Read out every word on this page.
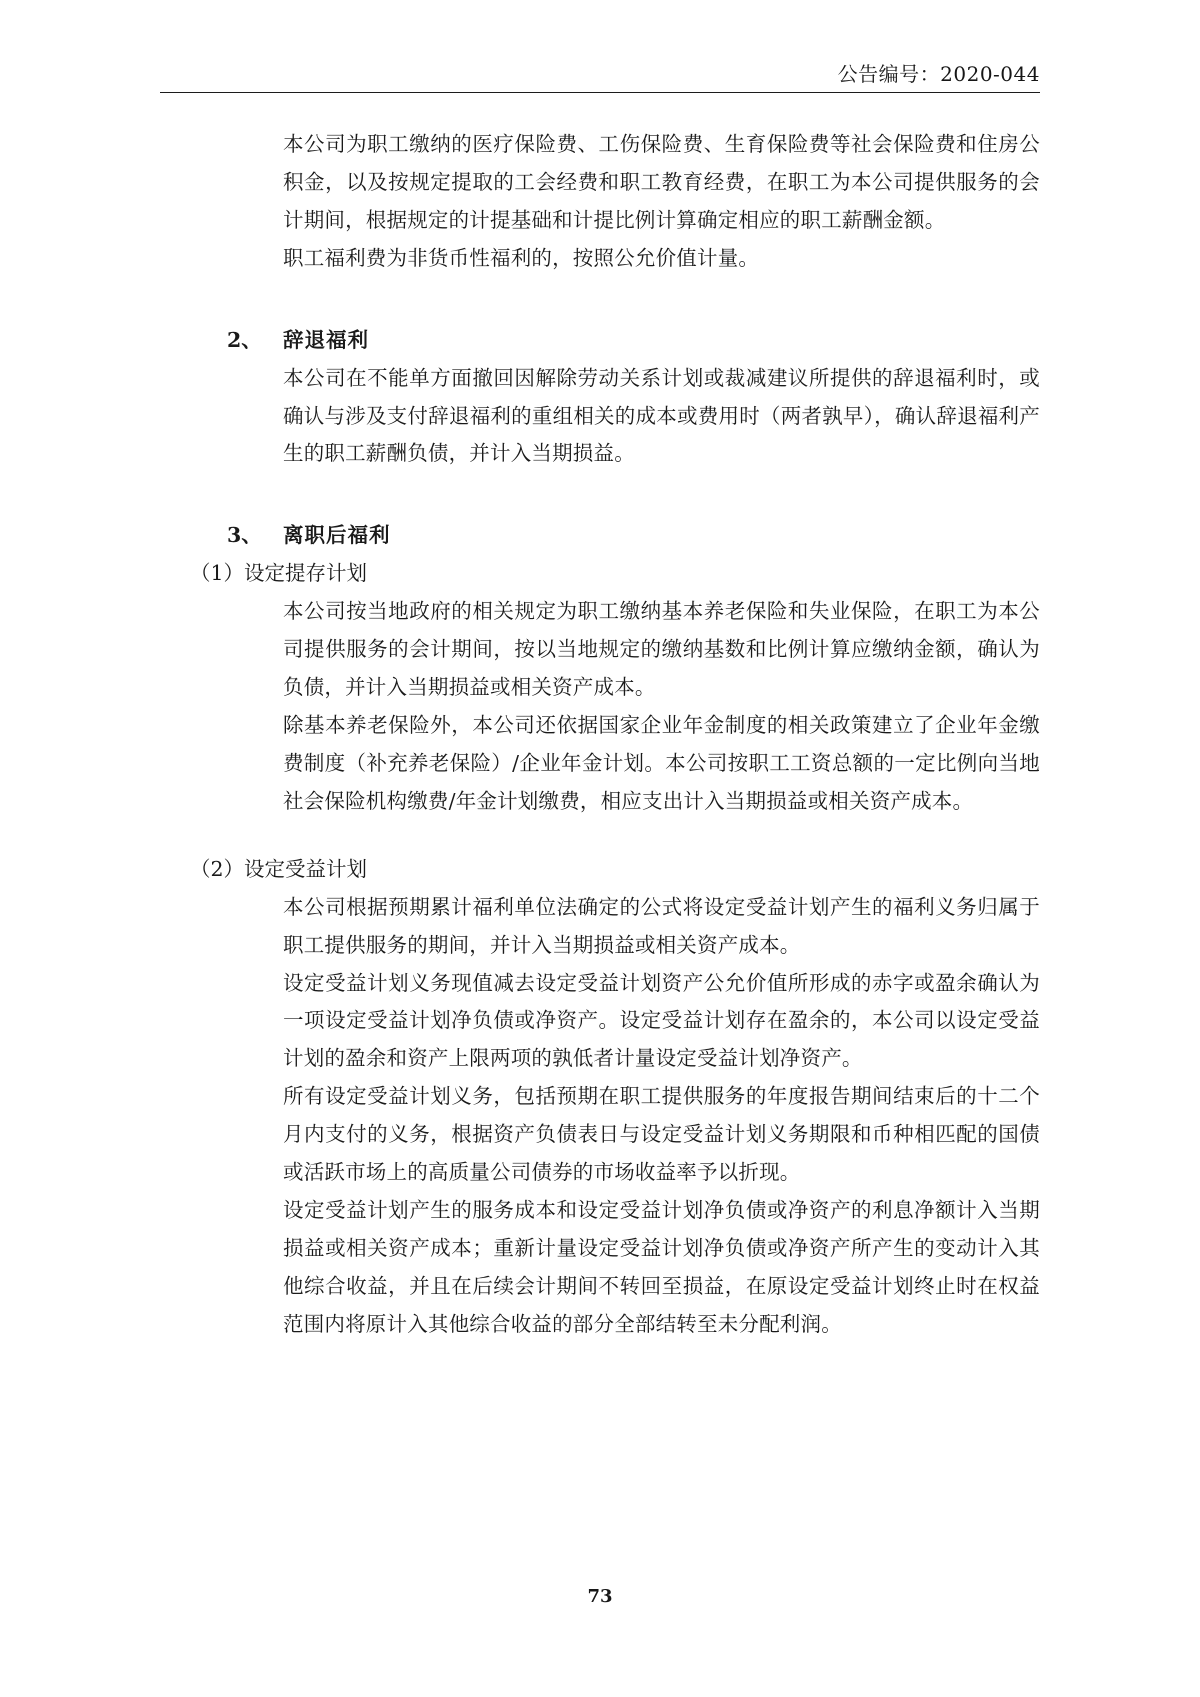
公告编号：2020-044

本公司为职工缴纳的医疗保险费、工伤保险费、生育保险费等社会保险费和住房公积金，以及按规定提取的工会经费和职工教育经费，在职工为本公司提供服务的会计期间，根据规定的计提基础和计提比例计算确定相应的职工薪酬金额。

职工福利费为非货币性福利的，按照公允价值计量。

2、	辞退福利

本公司在不能单方面撤回因解除劳动关系计划或裁减建议所提供的辞退福利时，或确认与涉及支付辞退福利的重组相关的成本或费用时（两者孰早），确认辞退福利产生的职工薪酬负债，并计入当期损益。

3、	离职后福利

（1）设定提存计划

本公司按当地政府的相关规定为职工缴纳基本养老保险和失业保险，在职工为本公司提供服务的会计期间，按以当地规定的缴纳基数和比例计算应缴纳金额，确认为负债，并计入当期损益或相关资产成本。

除基本养老保险外，本公司还依据国家企业年金制度的相关政策建立了企业年金缴费制度（补充养老保险）/企业年金计划。本公司按职工工资总额的一定比例向当地社会保险机构缴费/年金计划缴费，相应支出计入当期损益或相关资产成本。

（2）设定受益计划

本公司根据预期累计福利单位法确定的公式将设定受益计划产生的福利义务归属于职工提供服务的期间，并计入当期损益或相关资产成本。

设定受益计划义务现值减去设定受益计划资产公允价值所形成的赤字或盈余确认为一项设定受益计划净负债或净资产。设定受益计划存在盈余的，本公司以设定受益计划的盈余和资产上限两项的孰低者计量设定受益计划净资产。

所有设定受益计划义务，包括预期在职工提供服务的年度报告期间结束后的十二个月内支付的义务，根据资产负债表日与设定受益计划义务期限和币种相匹配的国债或活跃市场上的高质量公司债券的市场收益率予以折现。

设定受益计划产生的服务成本和设定受益计划净负债或净资产的利息净额计入当期损益或相关资产成本；重新计量设定受益计划净负债或净资产所产生的变动计入其他综合收益，并且在后续会计期间不转回至损益，在原设定受益计划终止时在权益范围内将原计入其他综合收益的部分全部结转至未分配利润。

73
